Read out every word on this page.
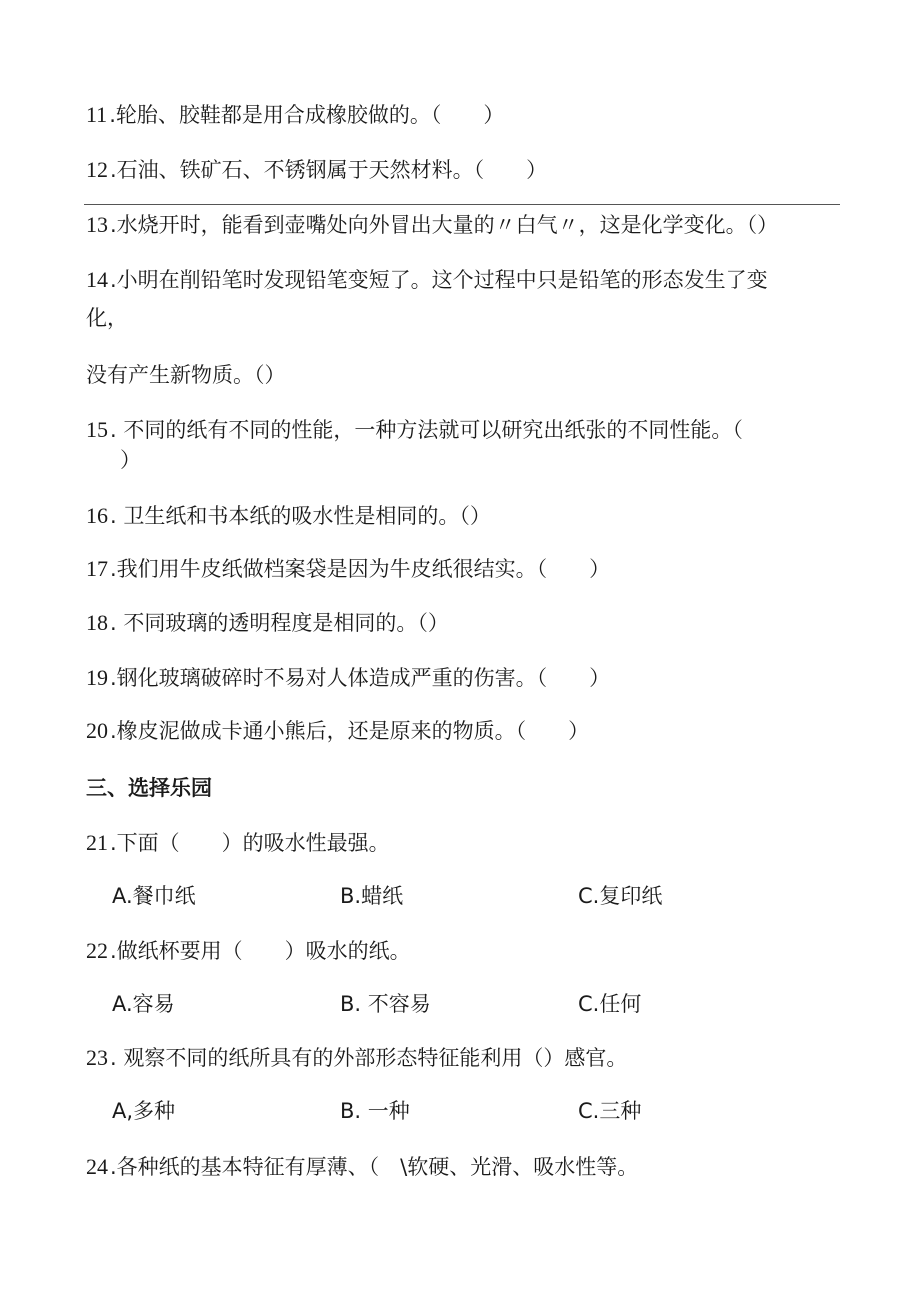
11.轮胎、胶鞋都是用合成橡胶做的。（　　）
12.石油、铁矿石、不锈钢属于天然材料。（　　）
13.水烧开时，能看到壶嘴处向外冒出大量的〃白气〃，这是化学变化。（）
14.小明在削铅笔时发现铅笔变短了。这个过程中只是铅笔的形态发生了变
化，
没有产生新物质。（）
15. 不同的纸有不同的性能，一种方法就可以研究出纸张的不同性能。（
）
16. 卫生纸和书本纸的吸水性是相同的。（）
17.我们用牛皮纸做档案袋是因为牛皮纸很结实。（　　）
18. 不同玻璃的透明程度是相同的。（）
19.钢化玻璃破碎时不易对人体造成严重的伤害。（　　）
20.橡皮泥做成卡通小熊后，还是原来的物质。（　　）
三、选择乐园
21.下面（　　）的吸水性最强。
A.餐巾纸	B.蜡纸	C.复印纸
22.做纸杯要用（　　）吸水的纸。
A.容易	B. 不容易	C.任何
23. 观察不同的纸所具有的外部形态特征能利用（）感官。
A,多种	B. 一种	C.三种
24.各种纸的基本特征有厚薄、（　\软硬、光滑、吸水性等。
